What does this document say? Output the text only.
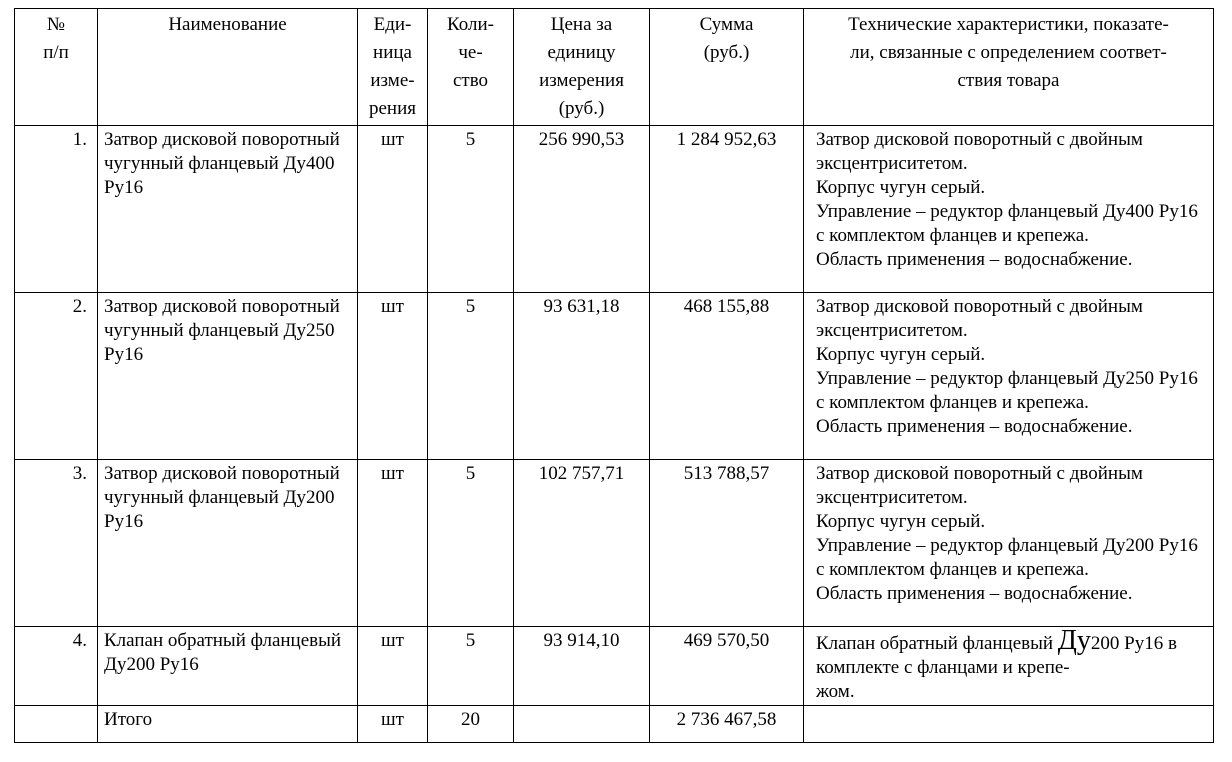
№
п/п	Наименование	Еди-
ница
изме-
рения	Коли-
че-
ство	Цена за
единицу
измерения
(руб.)	Сумма
(руб.)	Технические характеристики, показате-
ли, связанные с определением соответ-
ствия товара
1.	Затвор дисковой поворотный чугунный фланцевый Ду400 Ру16	шт	5	256 990,53	1 284 952,63	Затвор дисковой поворотный с двойным эксцентриситетом.
Корпус чугун серый.
Управление – редуктор фланцевый Ду400 Ру16 с комплектом фланцев и крепежа.
Область применения – водоснабжение.

2.	Затвор дисковой поворотный чугунный фланцевый Ду250 Ру16	шт	5	93 631,18	468 155,88	Затвор дисковой поворотный с двойным эксцентриситетом.
Корпус чугун серый.
Управление – редуктор фланцевый Ду250 Ру16 с комплектом фланцев и крепежа.
Область применения – водоснабжение.

3.	Затвор дисковой поворотный чугунный фланцевый Ду200 Ру16	шт	5	102 757,71	513 788,57	Затвор дисковой поворотный с двойным эксцентриситетом.
Корпус чугун серый.
Управление – редуктор фланцевый Ду200 Ру16 с комплектом фланцев и крепежа.
Область применения – водоснабжение.

4.	Клапан обратный фланцевый Ду200 Ру16	шт	5	93 914,10	469 570,50	Клапан обратный фланцевый Ду200 Ру16 в комплекте с фланцами и крепе-
жом.
	Итого	шт	20		2 736 467,58	
